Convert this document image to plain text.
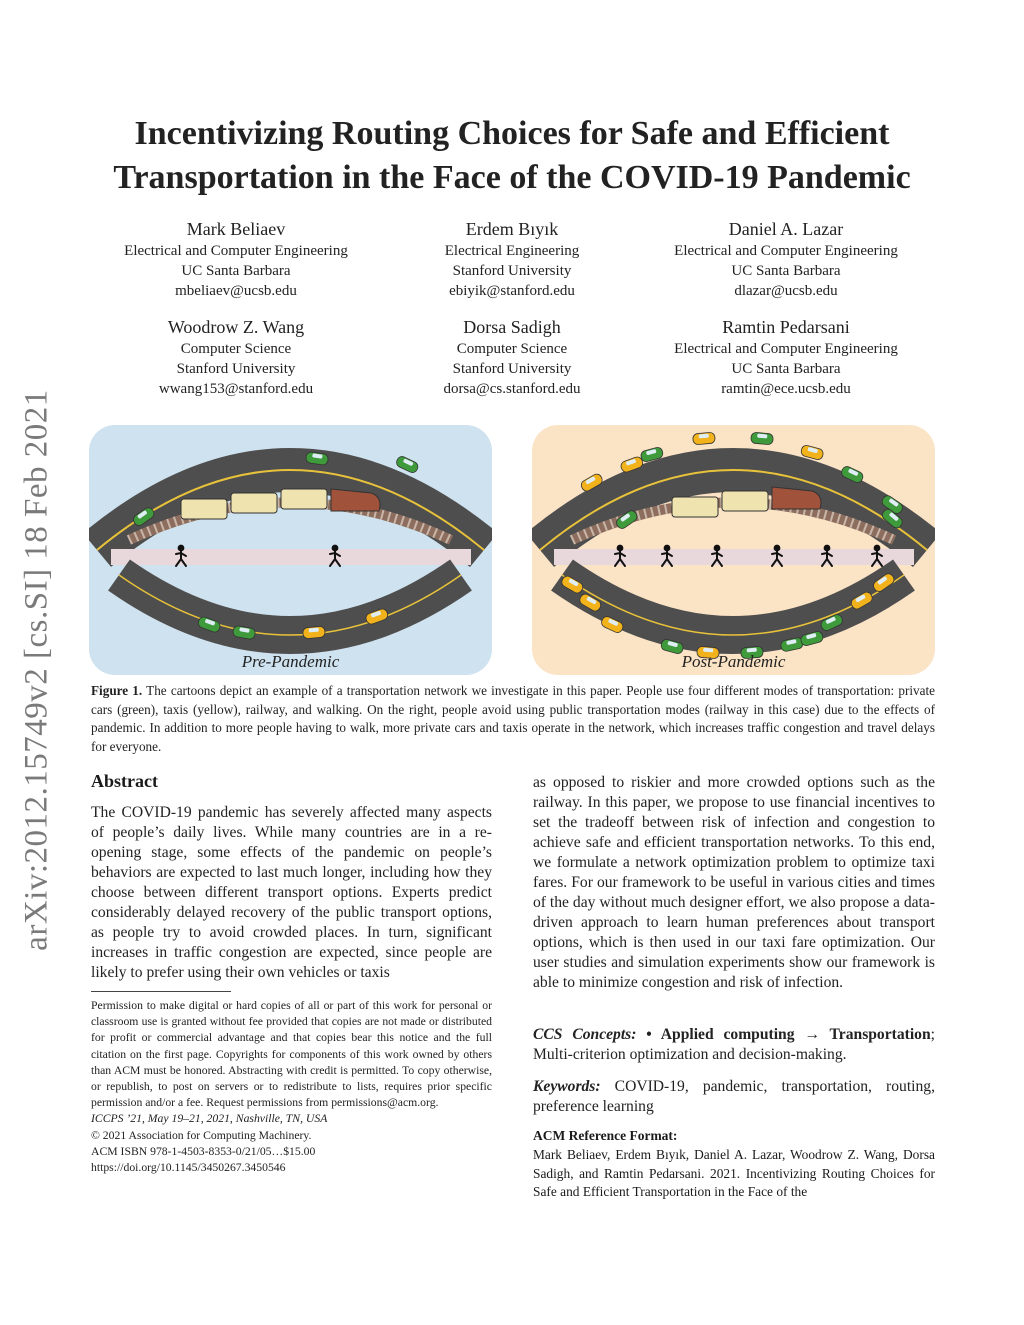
arXiv:2012.15749v2 [cs.SI] 18 Feb 2021
Incentivizing Routing Choices for Safe and Efficient
Transportation in the Face of the COVID-19 Pandemic
Mark Beliaev
Electrical and Computer Engineering
UC Santa Barbara
mbeliaev@ucsb.edu
Erdem Bıyık
Electrical Engineering
Stanford University
ebiyik@stanford.edu
Daniel A. Lazar
Electrical and Computer Engineering
UC Santa Barbara
dlazar@ucsb.edu
Woodrow Z. Wang
Computer Science
Stanford University
wwang153@stanford.edu
Dorsa Sadigh
Computer Science
Stanford University
dorsa@cs.stanford.edu
Ramtin Pedarsani
Electrical and Computer Engineering
UC Santa Barbara
ramtin@ece.ucsb.edu
Pre-Pandemic	Post-Pandemic
Figure 1. The cartoons depict an example of a transportation network we investigate in this paper. People use four different modes of transportation: private cars (green), taxis (yellow), railway, and walking. On the right, people avoid using public transportation modes (railway in this case) due to the effects of pandemic. In addition to more people having to walk, more private cars and taxis operate in the network, which increases traffic congestion and travel delays for everyone.
Abstract
The COVID-19 pandemic has severely affected many aspects of people’s daily lives. While many countries are in a re-opening stage, some effects of the pandemic on people’s behaviors are expected to last much longer, including how they choose between different transport options. Experts predict considerably delayed recovery of the public transport options, as people try to avoid crowded places. In turn, significant increases in traffic congestion are expected, since people are likely to prefer using their own vehicles or taxis
as opposed to riskier and more crowded options such as the railway. In this paper, we propose to use financial incentives to set the tradeoff between risk of infection and congestion to achieve safe and efficient transportation networks. To this end, we formulate a network optimization problem to optimize taxi fares. For our framework to be useful in various cities and times of the day without much designer effort, we also propose a data-driven approach to learn human preferences about transport options, which is then used in our taxi fare optimization. Our user studies and simulation experiments show our framework is able to minimize congestion and risk of infection.
CCS Concepts: • Applied computing → Transportation; Multi-criterion optimization and decision-making.
Keywords: COVID-19, pandemic, transportation, routing, preference learning
Permission to make digital or hard copies of all or part of this work for personal or classroom use is granted without fee provided that copies are not made or distributed for profit or commercial advantage and that copies bear this notice and the full citation on the first page. Copyrights for components of this work owned by others than ACM must be honored. Abstracting with credit is permitted. To copy otherwise, or republish, to post on servers or to redistribute to lists, requires prior specific permission and/or a fee. Request permissions from permissions@acm.org.
ICCPS ’21, May 19–21, 2021, Nashville, TN, USA
© 2021 Association for Computing Machinery.
ACM ISBN 978-1-4503-8353-0/21/05…$15.00
https://doi.org/10.1145/3450267.3450546
ACM Reference Format:
Mark Beliaev, Erdem Bıyık, Daniel A. Lazar, Woodrow Z. Wang, Dorsa Sadigh, and Ramtin Pedarsani. 2021. Incentivizing Routing Choices for Safe and Efficient Transportation in the Face of the
